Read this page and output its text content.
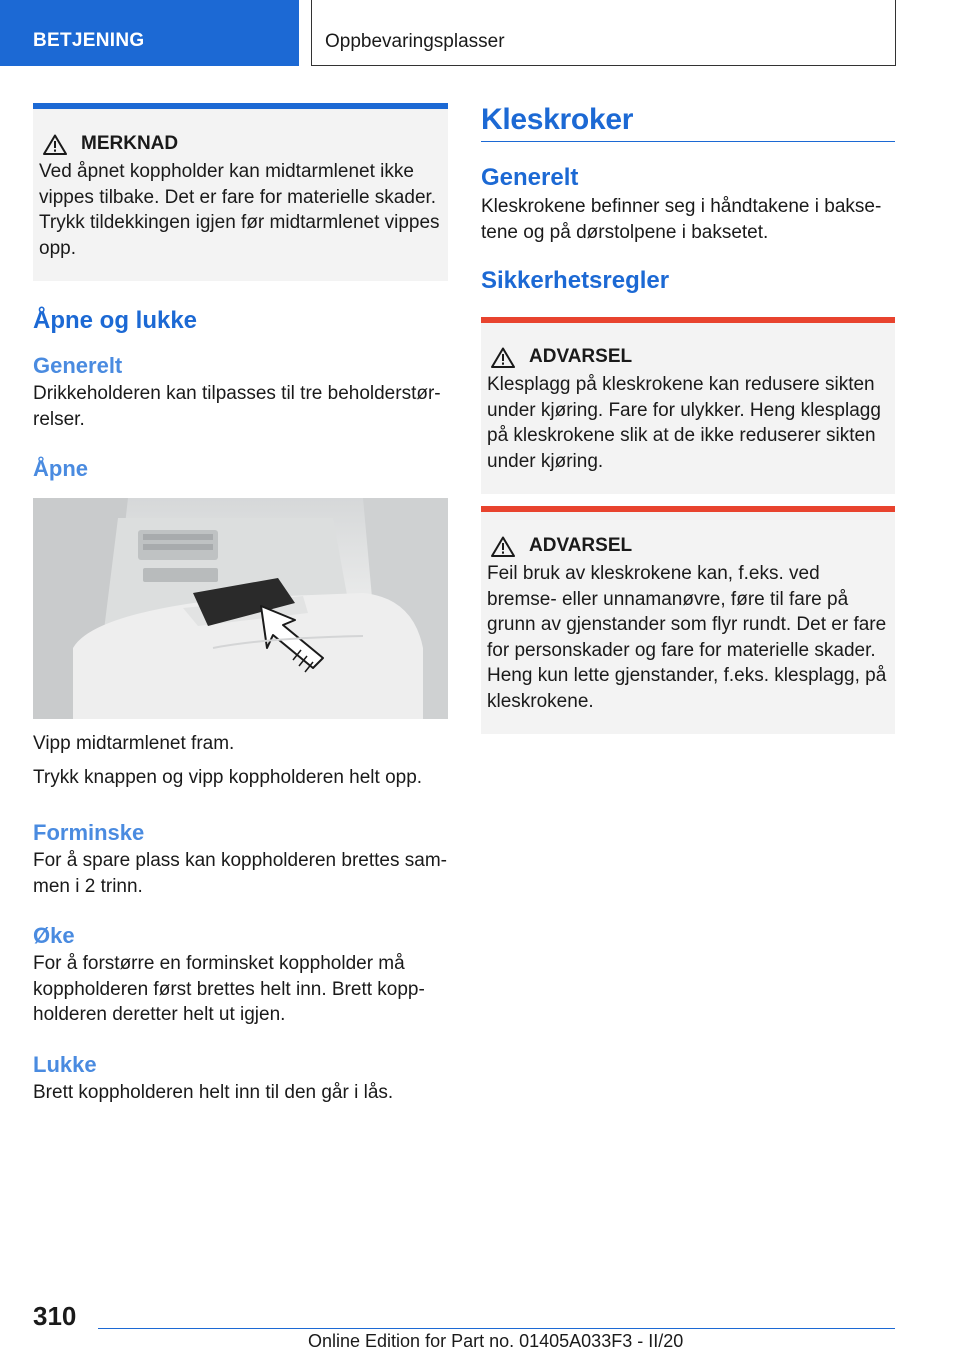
BETJENING	Oppbevaringsplasser
MERKNAD
Ved åpnet koppholder kan midtarmlenet ikke vippes tilbake. Det er fare for materielle skader. Trykk tildekkingen igjen før midtarmlenet vippes opp.
Åpne og lukke
Generelt

Drikkeholderen kan tilpasses til tre beholderstørrelser.

Åpne

Vipp midtarmlenet fram.

Trykk knappen og vipp koppholderen helt opp.

Forminske

For å spare plass kan koppholderen brettes sammen i 2 trinn.

Øke

For å forstørre en forminsket koppholder må koppholderen først brettes helt inn. Brett koppholderen deretter helt ut igjen.

Lukke

Brett koppholderen helt inn til den går i lås.

Kleskroker
Generelt

Kleskrokene befinner seg i håndtakene i baksetene og på dørstolpene i baksetet.

Sikkerhetsregler
ADVARSEL
Klesplagg på kleskrokene kan redusere sikten under kjøring. Fare for ulykker. Heng klesplagg på kleskrokene slik at de ikke reduserer sikten under kjøring.
ADVARSEL
Feil bruk av kleskrokene kan, f.eks. ved bremse- eller unnamanøvre, føre til fare på grunn av gjenstander som flyr rundt. Det er fare for personskader og fare for materielle skader. Heng kun lette gjenstander, f.eks. klesplagg, på kleskrokene.
310
Online Edition for Part no. 01405A033F3 - II/20
